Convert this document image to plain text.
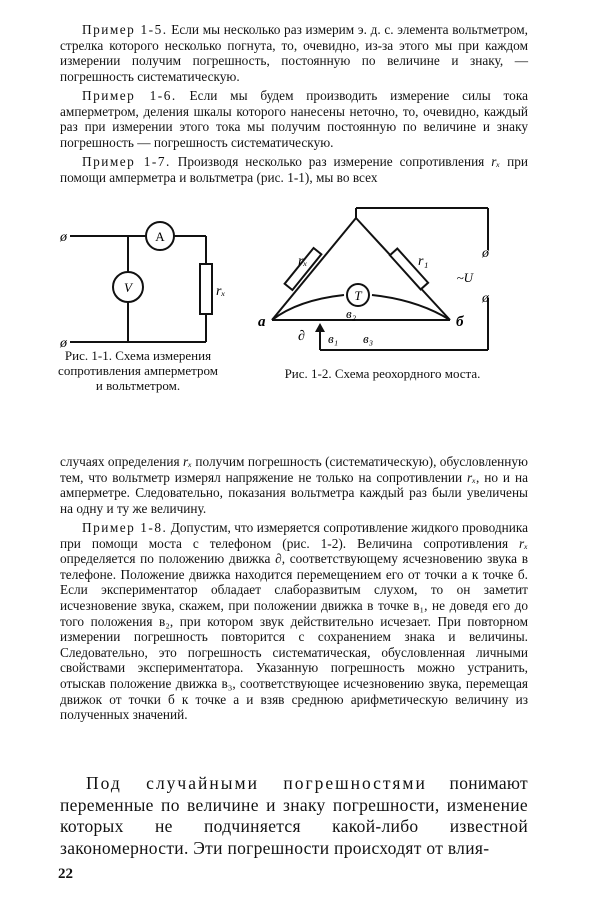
Пример 1-5. Если мы несколько раз измерим э. д. с. элемента вольтметром, стрелка которого несколько погнута, то, очевидно, из-за этого мы при каждом измерении получим погрешность, постоянную по величине и знаку, — погрешность систематическую.

Пример 1-6. Если мы будем производить измерение силы тока амперметром, деления шкалы которого нанесены неточно, то, очевидно, каждый раз при измерении этого тока мы получим постоянную по величине и знаку погрешность — погрешность систематическую.

Пример 1-7. Производя несколько раз измерение сопротивления rₓ при помощи амперметра и вольтметра (рис. 1-1), мы во всех

ø
ø
A
V	rₓ

Рис. 1-1. Схема измерения сопротивления амперметром и вольтметром.

ø
ø
rₓ	r₁
T
а	б
∂ в₁
в₂
в₃
~U

Рис. 1-2. Схема реохордного моста.

случаях определения rₓ получим погрешность (систематическую), обусловленную тем, что вольтметр измерял напряжение не только на сопротивлении rₓ, но и на амперметре. Следовательно, показания вольтметра каждый раз были увеличены на одну и ту же величину.

Пример 1-8. Допустим, что измеряется сопротивление жидкого проводника при помощи моста с телефоном (рис. 1-2). Величина сопротивления rₓ определяется по положению движка ∂, соответствующему ясчезновению звука в телефоне. Положение движка находится перемещением его от точки а к точке б. Если экспериментатор обладает слаборазвитым слухом, то он заметит исчезновение звука, скажем, при положении движка в точке в₁, не доведя его до того положения в₂, при котором звук действительно исчезает. При повторном измерении погрешность повторится с сохранением знака и величины. Следовательно, это погрешность систематическая, обусловленная личными свойствами экспериментатора. Указанную погрешность можно устранить, отыскав положение движка в₃, соответствующее исчезновению звука, перемещая движок от точки б к точке а и взяв среднюю арифметическую величину из полученных значений.

Под случайными погрешностями понимают переменные по величине и знаку погрешности, изменение которых не подчиняется какой-либо известной закономерности. Эти погрешности происходят от влия-

22
